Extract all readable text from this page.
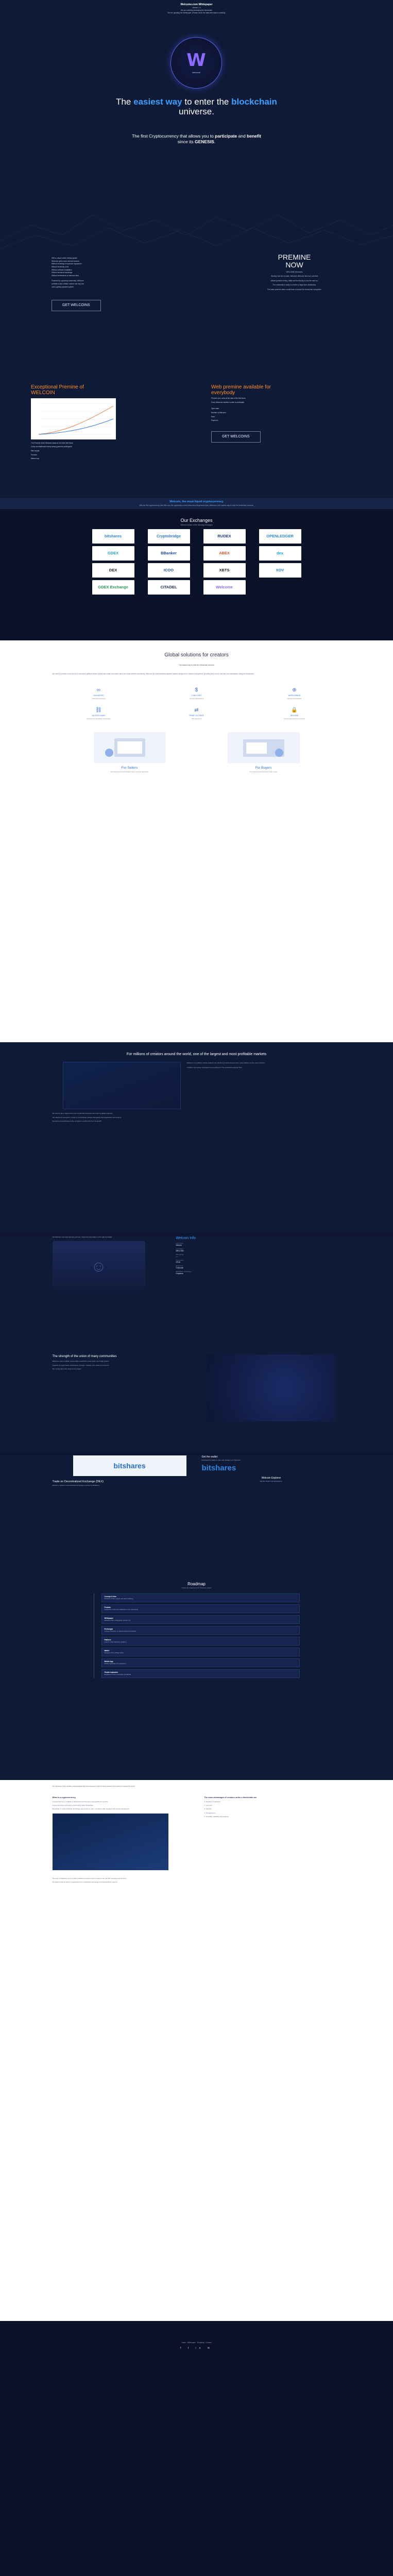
Welcome.com Whitepaper
Version 1.0
We are currently developing the blockchain
We are updating the Whitepaper. (Please check the latest information carefully)
W
welcome
The easiest way to enter the blockchain
universe.
The first Cryptocurrency that allows you to participate and benefit
since its GENESIS.

With a unique native mining system

Welcome gives users several rewards:

Without investing in expensive equipment

Without electricity costs

Without software installation

Without technical knowledge

Without investments or intensive fees

Powered by a growing community, Welcome

provides a fast, reliable, secure and very low

cost e-galaxy payment system.

GET WELCOINS
PREMINE
NOW

WELCOME introduces

Starting from the 1st date, Welcome offers the first ever coin that

utilized premine mining. Initial and the Bounty is now live and run.

The community is ready to receive a large token distribution.

The token premine offers a solid base to launch the blockchain ecosystem.

Exceptional Premine of
WELCOIN
The Premine of the Welcoins starts at 1st of the first block.
Coins are distributed evenly among premine participants.
Max supply:
Premine
Market cap:
Web premine available for
everybody
Premine your coins at the start of the first block.
Every Welcome member is able to participate.
Open date:
Number of Welcoins:
Rate:
Payment:
GET WELCOINS
Welcoin, the most liquid cryptocurrency

With the first cryptocurrency that offers you the opportunity to earn coins since its genesis block, Welcome is the easiest way to enter the blockchain universe.

Our Exchanges
Welcoin is listed on the following exchanges
bitshares	Cryptobridge	RUDEX	OPENLEDGER
GDEX	BBanker	ABEX	dex
DEX	ICOO	XBTS	XOV
GDEX Exchange	CITADEL	Welcome
Global solutions for creators
The easiest way to enter the blockchain universe
We want to provide a new kind of e-commerce platform where people can create and share value and trade with the community. Welcome is a decentralized payment system designed for creators everywhere, providing fast, secure and low-cost transactions using the blockchain.
∞
UNLIMITED
Unlimited payments
$
LOW COST
Low fee transactions
⊕
WORLDWIDE
Payments worldwide
⛓
BLOCKCHAIN
Powered by blockchain technology
⇄
PEER TO PEER
P2P payments
🔒
SECURE
Secure payments for everyone
For Sellers
The easiest and most efficient way to receive payments.
For Buyers
The easiest and most secure way to pay.
For millions of creators around the world, one of the largest and most profitable markets

Welcome is a platform where creators can sell their products and services, using Welcoin as the main currency.

Creators can receive payments from anywhere in the world with minimum fees.

We want to give creators the tools to build their business and reach a global audience.

The Welcome ecosystem is built on a blockchain network that grants decentralization and security.

Everyone can participate in the ecosystem and benefit from its growth.

Get Welcoins via a fast and easy process. Check the information on the right for details.

☺
Welcoin Info
Coin name
Welcoin
Coin ticker
WELCOIN
Max supply
—
Consensus
DPoS
Block time
3 seconds
Blockchain technology
Graphene
The strength of the union of many communities
Welcome unites multiple communities around the world under one single project.
Together we grow faster and become stronger, creating more value for everyone.
The community is the heart of the project.
bitshares
Trade on Decentralized Exchange (DEX)
Welcoin is traded on decentralized exchanges powered by BitShares.
Get the wallet
Download the wallet to store and manage your Welcoins.
bitshares
Welcoin Explorer
Explore blocks and transactions.
Roadmap
Follow the progress of the Welcome project
Concept & Idea
Definition of the project and team building.
Premine
Distribution of the first Welcoins to the community.
Whitepaper
Release of the whitepaper version 1.0.
Exchanges
Listing of Welcoin on decentralized exchanges.
Platform
Launch of the Welcome platform.
Wallet
Release of the official wallet.
Mobile App
Mobile application for payments.
Global expansion
Expansion of the ecosystem worldwide.
The Welcome Team creates a decentralized payment ecosystem that connects creators and customers around the world.
What is a cryptocurrency

A cryptocurrency is a digital or virtual currency that uses cryptography for security.

Cryptocurrencies work using a technology called blockchain.

Blockchain is a decentralized technology spread across many computers that manages and records transactions.

The main advantages of creators under a blockchain are

1. Freedom of payment

2. Low cost

3. Security

4. Transparency

5. Flexibility, reliability and longevity

The team of Welcome aims to build a reliable ecosystem where creators can sell their products and services.

We believe that the future of payments lies in blockchain technology and decentralized systems.

Home · Whitepaper · Roadmap · Contact
f t in ✉
